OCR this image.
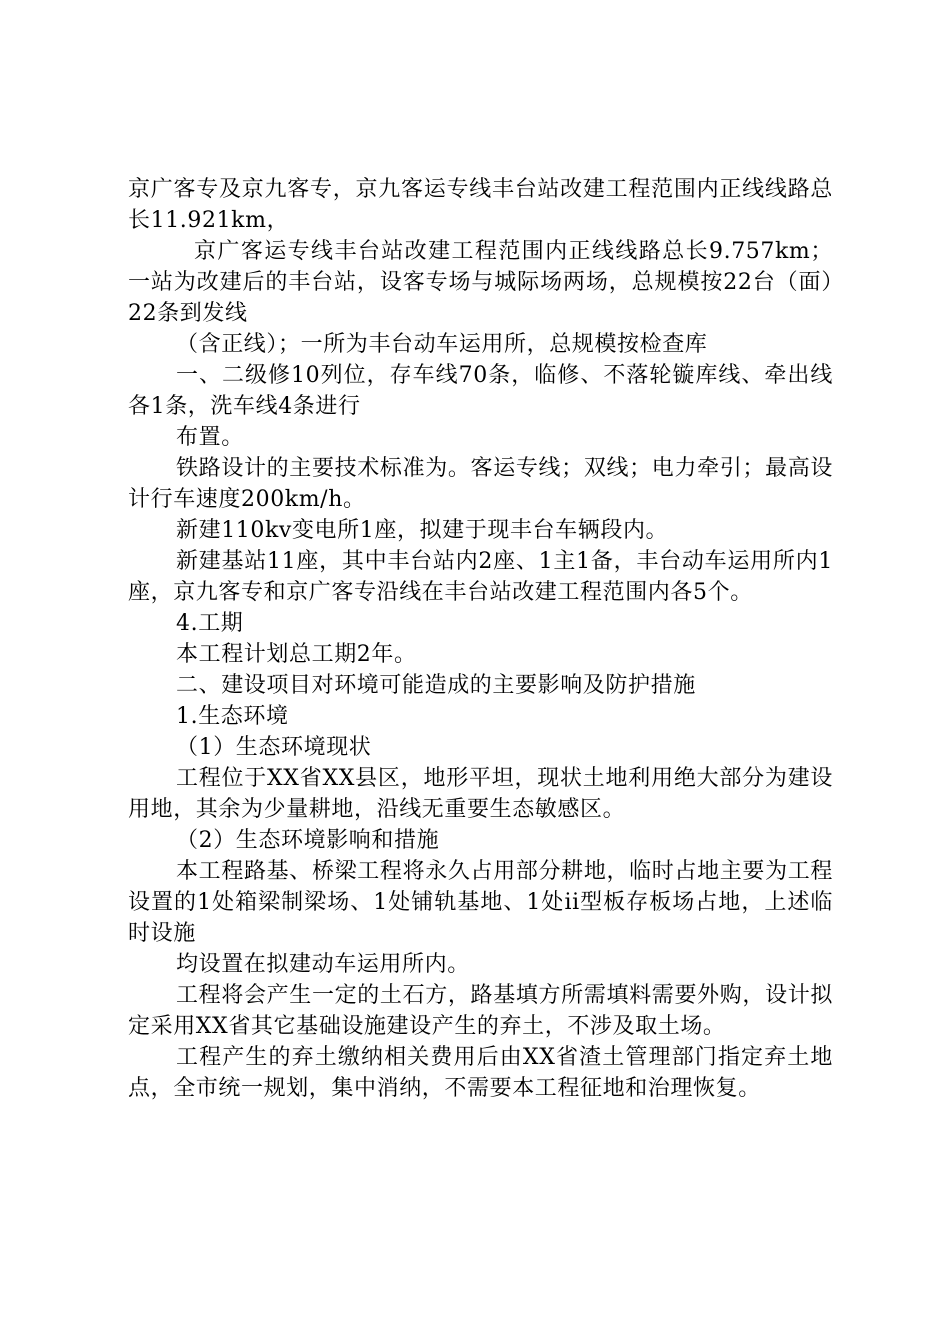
京广客专及京九客专，京九客运专线丰台站改建工程范围内正线线路总长11.921km，

京广客运专线丰台站改建工程范围内正线线路总长9.757km；一站为改建后的丰台站，设客专场与城际场两场，总规模按22台（面）22条到发线

（含正线）；一所为丰台动车运用所，总规模按检查库

一、二级修10列位，存车线70条，临修、不落轮镟库线、牵出线各1条，洗车线4条进行

布置。

铁路设计的主要技术标准为。客运专线；双线；电力牵引；最高设计行车速度200km/h。

新建110kv变电所1座，拟建于现丰台车辆段内。

新建基站11座，其中丰台站内2座、1主1备，丰台动车运用所内1座，京九客专和京广客专沿线在丰台站改建工程范围内各5个。

4.工期

本工程计划总工期2年。

二、建设项目对环境可能造成的主要影响及防护措施

1.生态环境

（1）生态环境现状

工程位于XX省XX县区，地形平坦，现状土地利用绝大部分为建设用地，其余为少量耕地，沿线无重要生态敏感区。

（2）生态环境影响和措施

本工程路基、桥梁工程将永久占用部分耕地，临时占地主要为工程设置的1处箱梁制梁场、1处铺轨基地、1处ii型板存板场占地，上述临时设施

均设置在拟建动车运用所内。

工程将会产生一定的土石方，路基填方所需填料需要外购，设计拟定采用XX省其它基础设施建设产生的弃土，不涉及取土场。

工程产生的弃土缴纳相关费用后由XX省渣土管理部门指定弃土地点，全市统一规划，集中消纳，不需要本工程征地和治理恢复。
